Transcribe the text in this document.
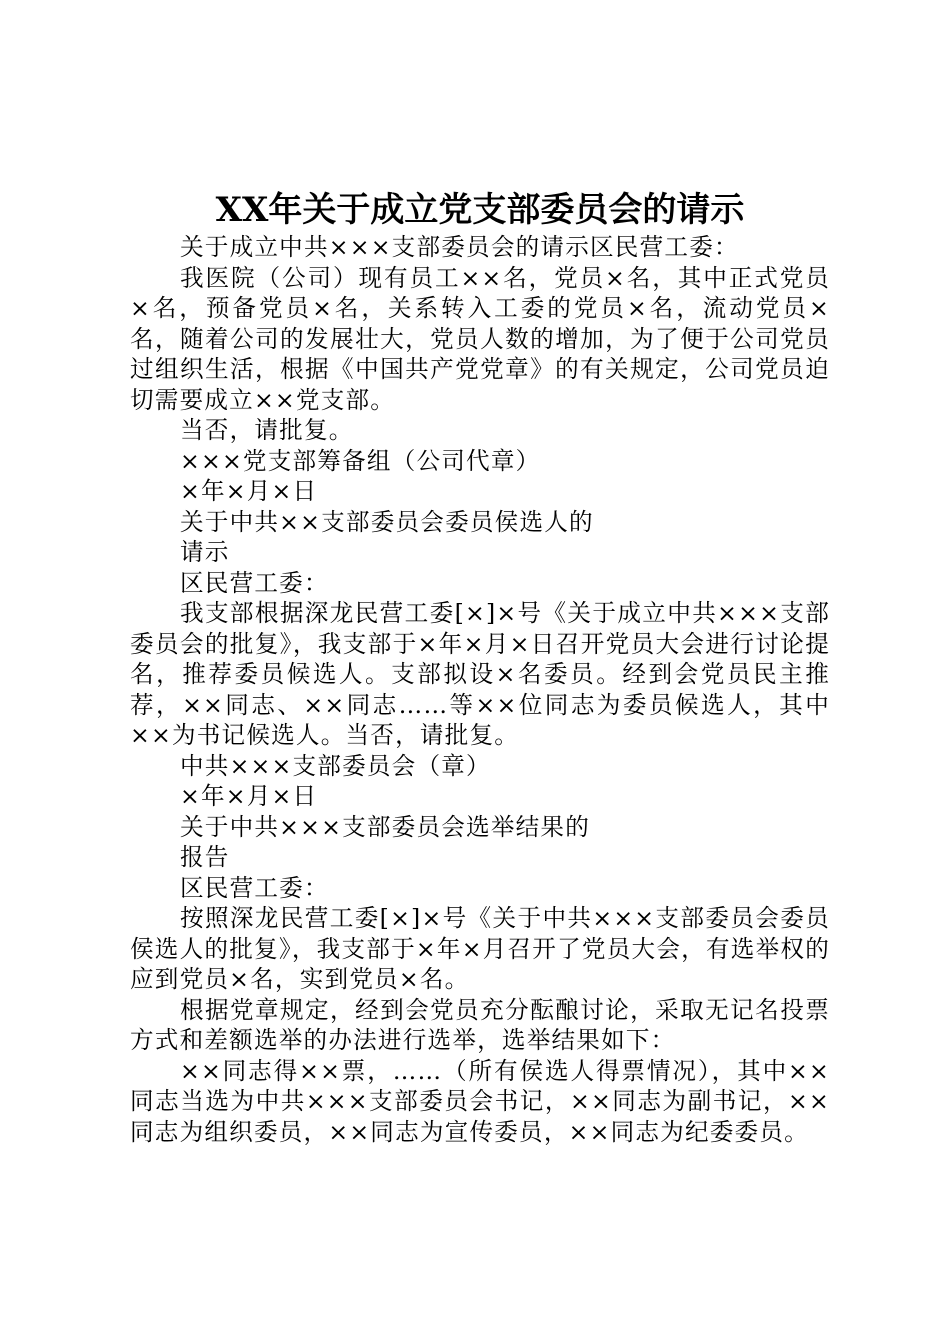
XX年关于成立党支部委员会的请示

关于成立中共×××支部委员会的请示区民营工委：

我医院（公司）现有员工××名，党员×名，其中正式党员×名，预备党员×名，关系转入工委的党员×名，流动党员×名，随着公司的发展壮大，党员人数的增加，为了便于公司党员过组织生活，根据《中国共产党党章》的有关规定，公司党员迫切需要成立××党支部。

当否，请批复。

×××党支部筹备组（公司代章）

×年×月×日

关于中共××支部委员会委员侯选人的

请示

区民营工委：

我支部根据深龙民营工委[×]×号《关于成立中共×××支部委员会的批复》，我支部于×年×月×日召开党员大会进行讨论提名，推荐委员候选人。支部拟设×名委员。经到会党员民主推荐，××同志、××同志……等××位同志为委员候选人，其中××为书记候选人。当否，请批复。

中共×××支部委员会（章）

×年×月×日

关于中共×××支部委员会选举结果的

报告

区民营工委：

按照深龙民营工委[×]×号《关于中共×××支部委员会委员侯选人的批复》，我支部于×年×月召开了党员大会，有选举权的应到党员×名，实到党员×名。

根据党章规定，经到会党员充分酝酿讨论，采取无记名投票方式和差额选举的办法进行选举，选举结果如下：

××同志得××票，……（所有侯选人得票情况），其中××同志当选为中共×××支部委员会书记，××同志为副书记，××同志为组织委员，××同志为宣传委员，××同志为纪委委员。
